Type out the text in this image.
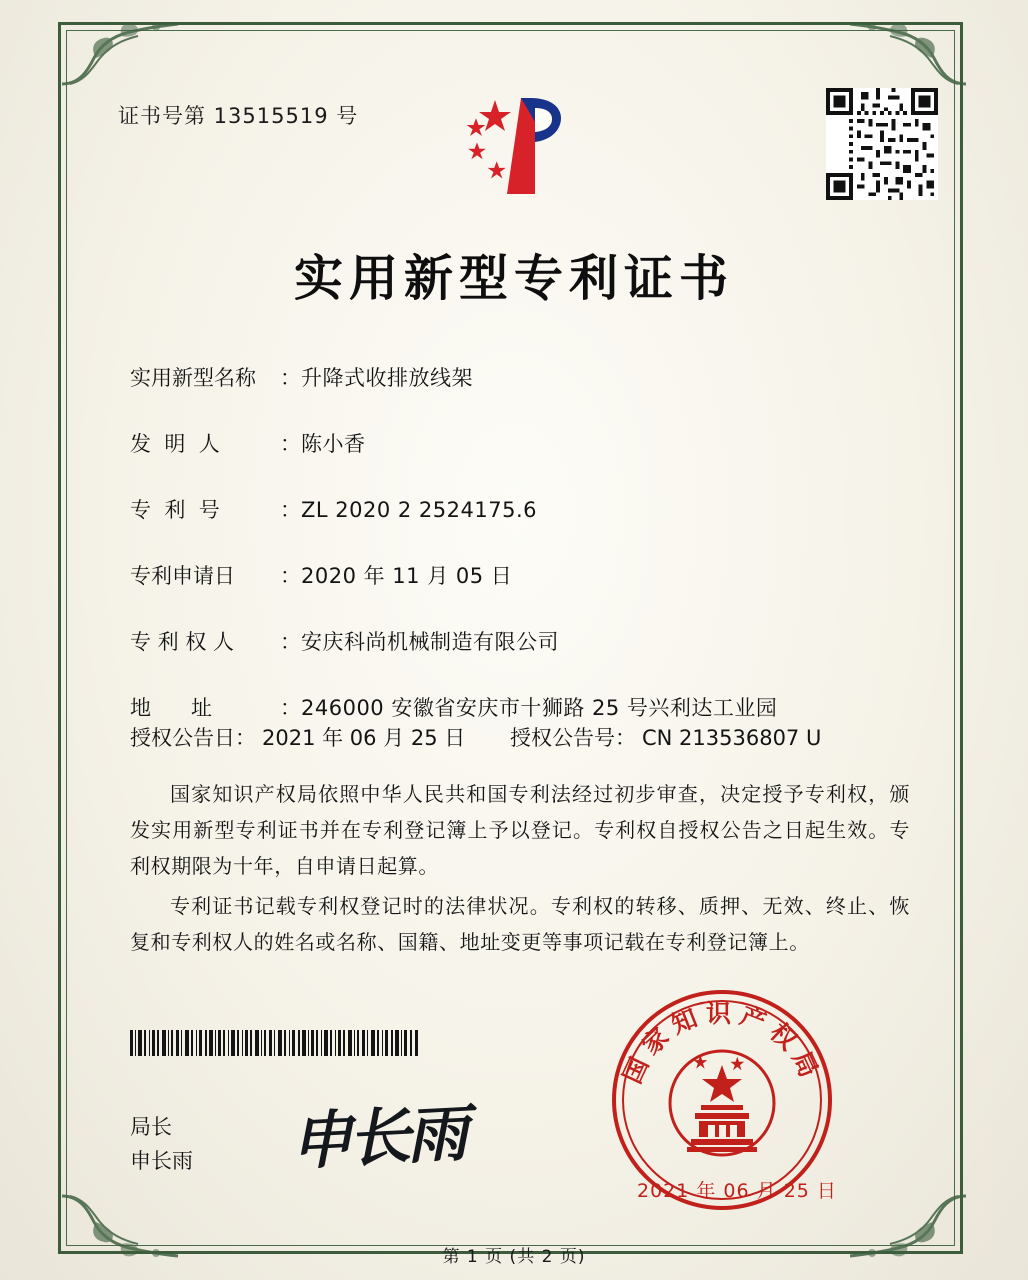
证书号第 13515519 号
实用新型专利证书
实用新型名称	： 升降式收排放线架
发  明  人	： 陈小香
专  利  号	： ZL 2020 2 2524175.6
专利申请日	： 2020 年 11 月 05 日
专 利 权 人	： 安庆科尚机械制造有限公司
地      址	： 246000 安徽省安庆市十狮路 25 号兴利达工业园
授权公告日： 2021 年 06 月 25 日 授权公告号： CN 213536807 U
国家知识产权局依照中华人民共和国专利法经过初步审查，决定授予专利权，颁发实用新型专利证书并在专利登记簿上予以登记。专利权自授权公告之日起生效。专利权期限为十年，自申请日起算。
专利证书记载专利权登记时的法律状况。专利权的转移、质押、无效、终止、恢复和专利权人的姓名或名称、国籍、地址变更等事项记载在专利登记簿上。
局长
申长雨 申长雨
国家知识产权局
2021 年 06 月 25 日
第 1 页 (共 2 页)
